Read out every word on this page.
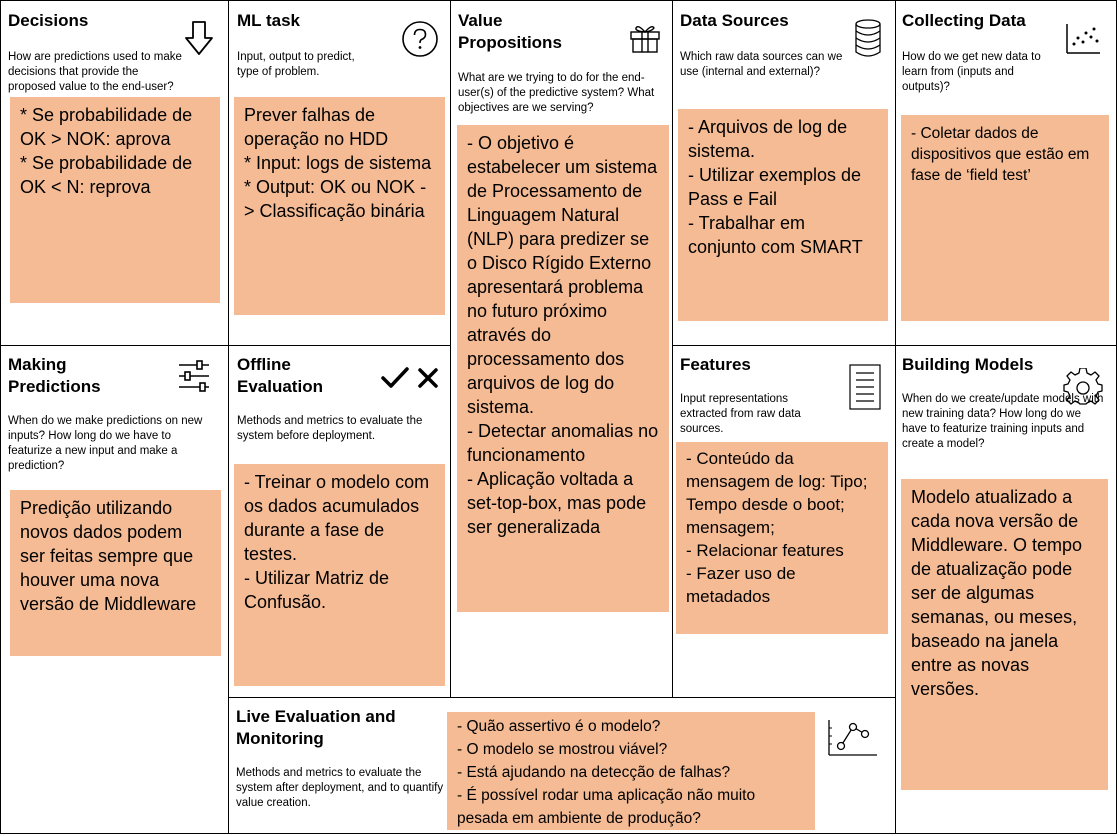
Decisions

How are predictions used to make decisions that provide the proposed value to the end-user?

* Se probabilidade de OK > NOK: aprova
* Se probabilidade de OK < N: reprova

ML task

Input, output to predict, type of problem.

Prever falhas de operação no HDD
* Input: logs de sistema
* Output: OK ou NOK -> Classificação binária

Value Propositions

What are we trying to do for the end-user(s) of the predictive system? What objectives are we serving?

- O objetivo é estabelecer um sistema de Processamento de Linguagem Natural (NLP) para predizer se o Disco Rígido Externo apresentará problema no futuro próximo através do processamento dos arquivos de log do sistema.
- Detectar anomalias no funcionamento
- Aplicação voltada a set-top-box, mas pode ser generalizada

Data Sources

Which raw data sources can we use (internal and external)?

- Arquivos de log de sistema.
- Utilizar exemplos de Pass e Fail
- Trabalhar em conjunto com SMART

Collecting Data

How do we get new data to learn from (inputs and outputs)?

- Coletar dados de dispositivos que estão em fase de ‘field test’

Making Predictions

When do we make predictions on new inputs? How long do we have to featurize a new input and make a prediction?

Predição utilizando novos dados podem ser feitas sempre que houver uma nova versão de Middleware

Offline Evaluation

Methods and metrics to evaluate the system before deployment.

- Treinar o modelo com os dados acumulados durante a fase de testes.
- Utilizar Matriz de Confusão.

Features

Input representations extracted from raw data sources.

- Conteúdo da mensagem de log: Tipo; Tempo desde o boot; mensagem;
- Relacionar features
- Fazer uso de metadados

Building Models

When do we create/update models with new training data? How long do we have to featurize training inputs and create a model?

Modelo atualizado a cada nova versão de Middleware. O tempo de atualização pode ser de algumas semanas, ou meses, baseado na janela entre as novas versões.

Live Evaluation and Monitoring

Methods and metrics to evaluate the system after deployment, and to quantify value creation.

- Quão assertivo é o modelo?
- O modelo se mostrou viável?
- Está ajudando na detecção de falhas?
- É possível rodar uma aplicação não muito pesada em ambiente de produção?
